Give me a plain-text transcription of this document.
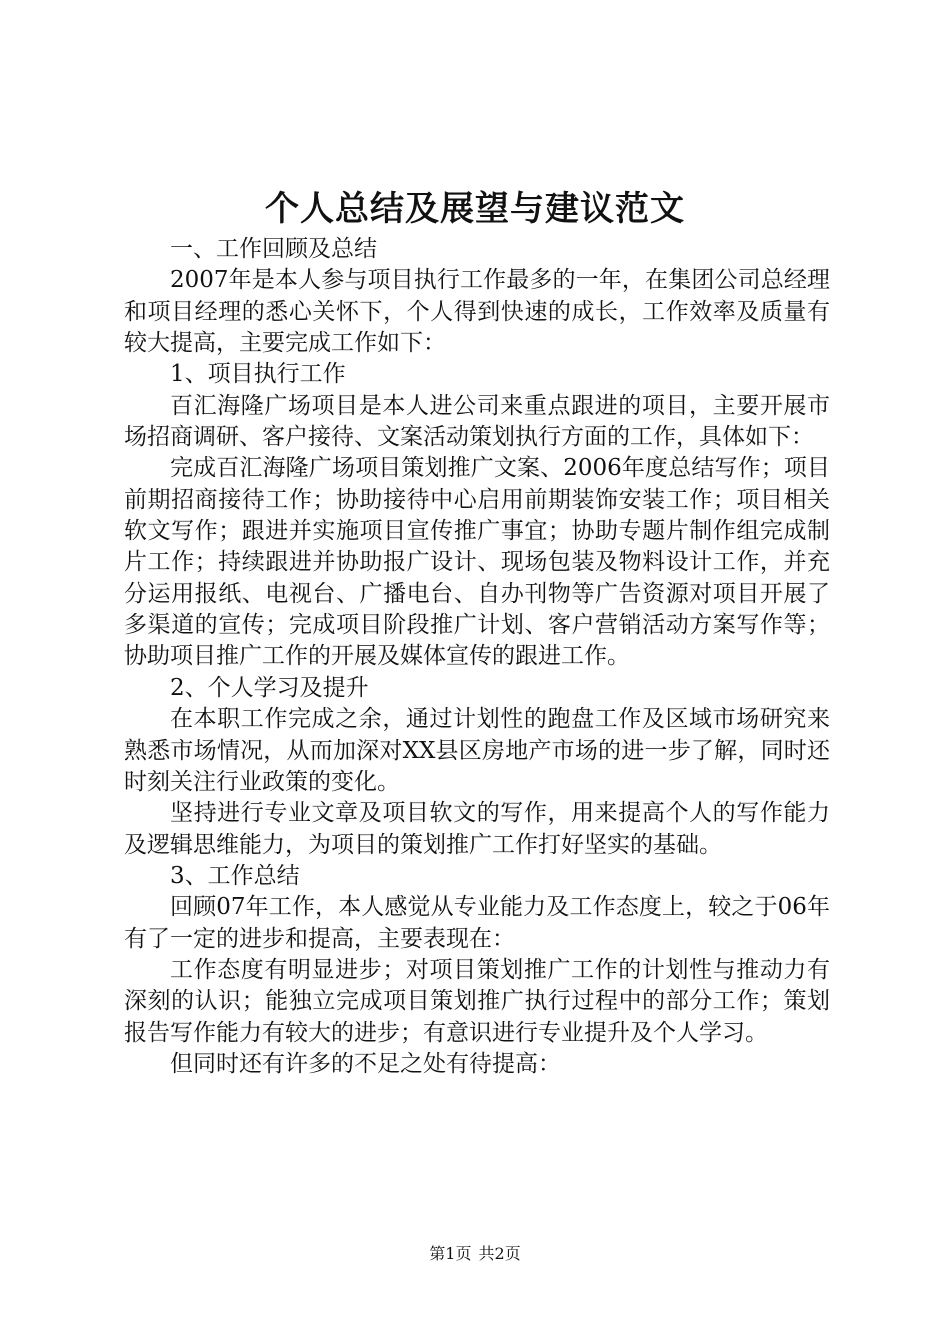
个人总结及展望与建议范文

一、工作回顾及总结

2007年是本人参与项目执行工作最多的一年，在集团公司总经理和项目经理的悉心关怀下，个人得到快速的成长，工作效率及质量有较大提高，主要完成工作如下：

1、项目执行工作

百汇海隆广场项目是本人进公司来重点跟进的项目，主要开展市场招商调研、客户接待、文案活动策划执行方面的工作，具体如下：

完成百汇海隆广场项目策划推广文案、2006年度总结写作；项目前期招商接待工作；协助接待中心启用前期装饰安装工作；项目相关软文写作；跟进并实施项目宣传推广事宜；协助专题片制作组完成制片工作；持续跟进并协助报广设计、现场包装及物料设计工作，并充分运用报纸、电视台、广播电台、自办刊物等广告资源对项目开展了多渠道的宣传；完成项目阶段推广计划、客户营销活动方案写作等；协助项目推广工作的开展及媒体宣传的跟进工作。

2、个人学习及提升

在本职工作完成之余，通过计划性的跑盘工作及区域市场研究来熟悉市场情况，从而加深对XX县区房地产市场的进一步了解，同时还时刻关注行业政策的变化。

坚持进行专业文章及项目软文的写作，用来提高个人的写作能力及逻辑思维能力，为项目的策划推广工作打好坚实的基础。

3、工作总结

回顾07年工作，本人感觉从专业能力及工作态度上，较之于06年有了一定的进步和提高，主要表现在：

工作态度有明显进步；对项目策划推广工作的计划性与推动力有深刻的认识；能独立完成项目策划推广执行过程中的部分工作；策划报告写作能力有较大的进步；有意识进行专业提升及个人学习。

但同时还有许多的不足之处有待提高：

第1页 共2页
